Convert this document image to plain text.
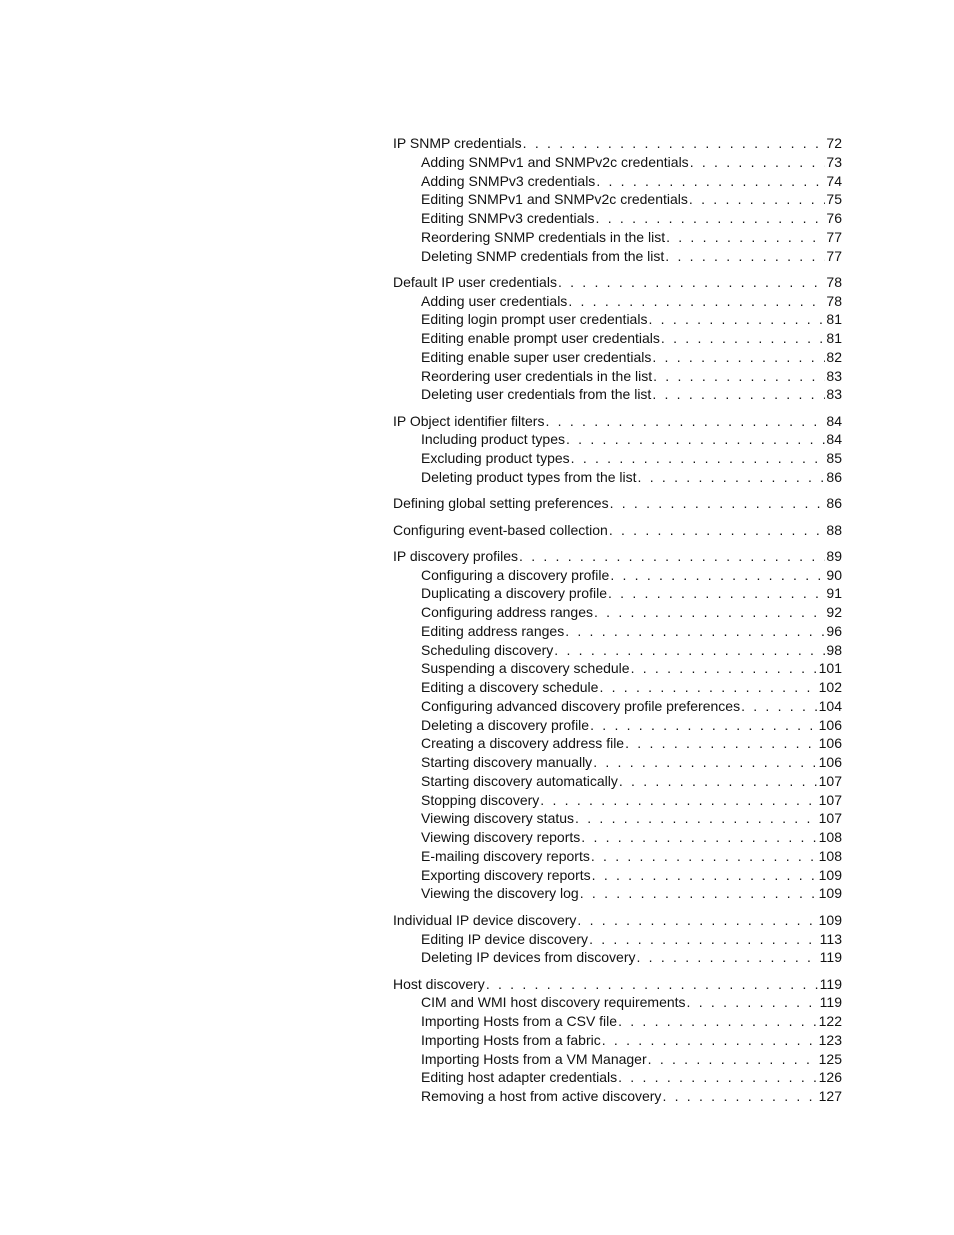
IP SNMP credentials . . .	72
Adding SNMPv1 and SNMPv2c credentials . . .	73
Adding SNMPv3 credentials . . .	74
Editing SNMPv1 and SNMPv2c credentials . . .	75
Editing SNMPv3 credentials . . .	76
Reordering SNMP credentials in the list . . .	77
Deleting SNMP credentials from the list . . .	77
Default IP user credentials . . .	78
Adding user credentials . . .	78
Editing login prompt user credentials . . .	81
Editing enable prompt user credentials . . .	81
Editing enable super user credentials . . .	82
Reordering user credentials in the list . . .	83
Deleting user credentials from the list . . .	83
IP Object identifier filters . . .	84
Including product types . . .	84
Excluding product types . . .	85
Deleting product types from the list . . .	86
Defining global setting preferences . . .	86
Configuring event-based collection . . .	88
IP discovery profiles . . .	89
Configuring a discovery profile . . .	90
Duplicating a discovery profile . . .	91
Configuring address ranges . . .	92
Editing address ranges . . .	96
Scheduling discovery . . .	98
Suspending a discovery schedule . . .	101
Editing a discovery schedule . . .	102
Configuring advanced discovery profile preferences . . .	104
Deleting a discovery profile . . .	106
Creating a discovery address file . . .	106
Starting discovery manually . . .	106
Starting discovery automatically . . .	107
Stopping discovery . . .	107
Viewing discovery status . . .	107
Viewing discovery reports . . .	108
E-mailing discovery reports . . .	108
Exporting discovery reports . . .	109
Viewing the discovery log . . .	109
Individual IP device discovery . . .	109
Editing IP device discovery . . .	113
Deleting IP devices from discovery . . .	119
Host discovery . . .	119
CIM and WMI host discovery requirements . . .	119
Importing Hosts from a CSV file . . .	122
Importing Hosts from a fabric . . .	123
Importing Hosts from a VM Manager . . .	125
Editing host adapter credentials . . .	126
Removing a host from active discovery . . .	127
